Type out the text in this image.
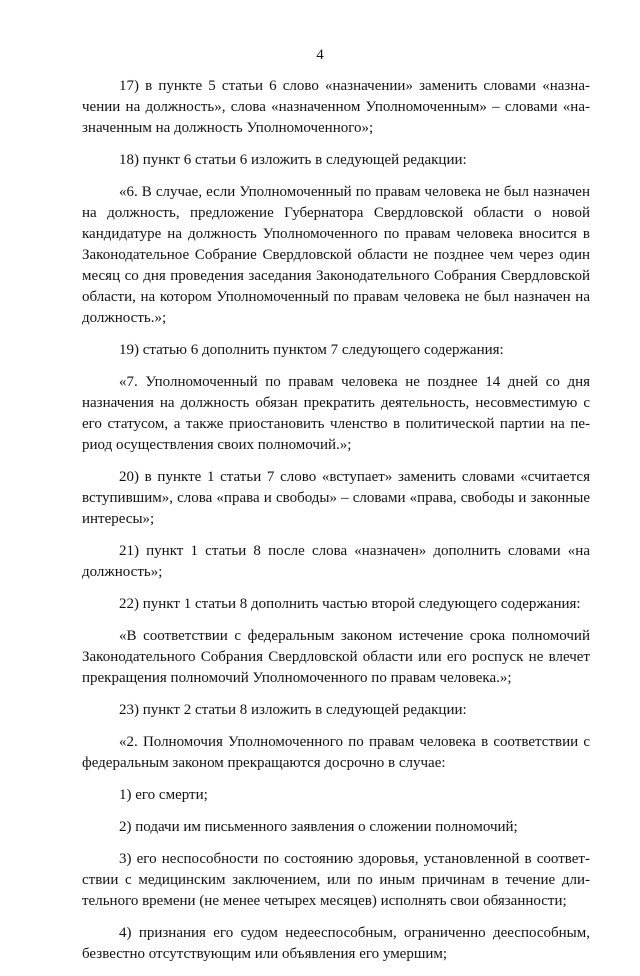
4

17) в пункте 5 статьи 6 слово «назначении» заменить словами «назначении на должность», слова «назначенном Уполномоченным» – словами «назначенным на должность Уполномоченного»;

18) пункт 6 статьи 6 изложить в следующей редакции:

«6. В случае, если Уполномоченный по правам человека не был назначен на должность, предложение Губернатора Свердловской области о новой кандидатуре на должность Уполномоченного по правам человека вносится в Законодательное Собрание Свердловской области не позднее чем через один месяц со дня проведения заседания Законодательного Собрания Свердловской области, на котором Уполномоченный по правам человека не был назначен на должность.»;

19) статью 6 дополнить пунктом 7 следующего содержания:

«7. Уполномоченный по правам человека не позднее 14 дней со дня назначения на должность обязан прекратить деятельность, несовместимую с его статусом, а также приостановить членство в политической партии на период осуществления своих полномочий.»;

20) в пункте 1 статьи 7 слово «вступает» заменить словами «считается вступившим», слова «права и свободы» – словами «права, свободы и законные интересы»;

21) пункт 1 статьи 8 после слова «назначен» дополнить словами «на должность»;

22) пункт 1 статьи 8 дополнить частью второй следующего содержания:

«В соответствии с федеральным законом истечение срока полномочий Законодательного Собрания Свердловской области или его роспуск не влечет прекращения полномочий Уполномоченного по правам человека.»;

23) пункт 2 статьи 8 изложить в следующей редакции:

«2. Полномочия Уполномоченного по правам человека в соответствии с федеральным законом прекращаются досрочно в случае:

1) его смерти;

2) подачи им письменного заявления о сложении полномочий;

3) его неспособности по состоянию здоровья, установленной в соответствии с медицинским заключением, или по иным причинам в течение длительного времени (не менее четырех месяцев) исполнять свои обязанности;

4) признания его судом недееспособным, ограниченно дееспособным, безвестно отсутствующим или объявления его умершим;
